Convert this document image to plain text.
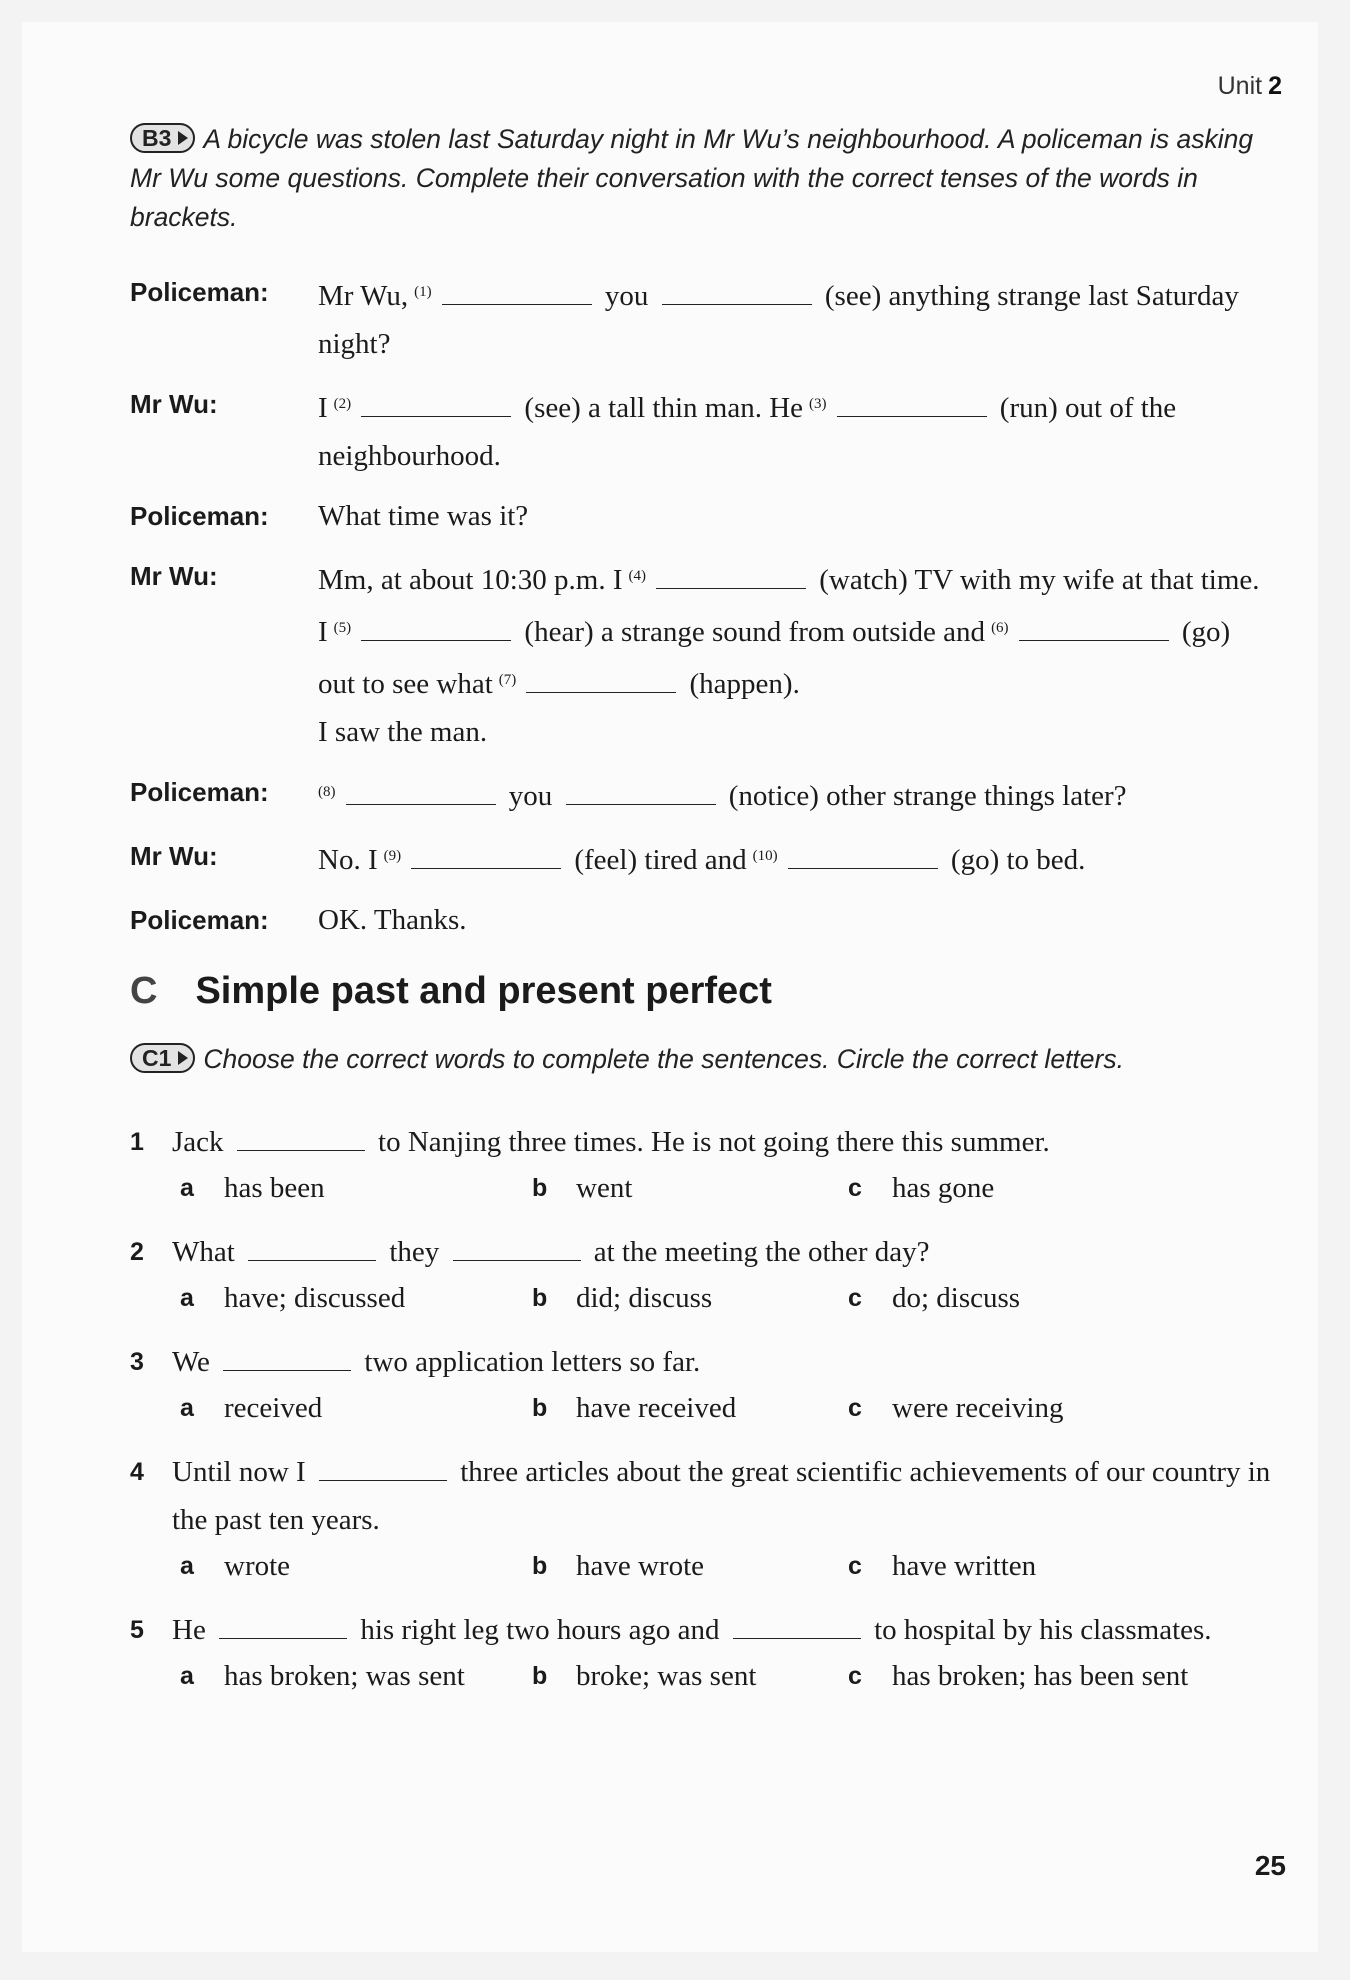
Unit 2
B3 A bicycle was stolen last Saturday night in Mr Wu’s neighbourhood. A policeman is asking Mr Wu some questions. Complete their conversation with the correct tenses of the words in brackets.
Policeman:	Mr Wu, $^{(1)}$	you	(see) anything strange last Saturday night?
Mr Wu:	I $^{(2)}$	(see) a tall thin man. He $^{(3)}$	(run) out of the neighbourhood.
Policeman:	What time was it?
Mr Wu:	Mm, at about 10:30 p.m. I $^{(4)}$	(watch) TV with my wife at that time. I $^{(5)}$	(hear) a strange sound from outside and $^{(6)}$	(go) out to see what $^{(7)}$	(happen).
I saw the man.
Policeman:	$^{(8)}$	you	(notice) other strange things later?
Mr Wu:	No. I $^{(9)}$	(feel) tired and $^{(10)}$	(go) to bed.
Policeman:	OK. Thanks.
C Simple past and present perfect
C1 Choose the correct words to complete the sentences. Circle the correct letters.
1 Jack	to Nanjing three times. He is not going there this summer.
a	has been	b went	c	has gone
2 What	they	at the meeting the other day?
a	have; discussed	b did; discuss	c	do; discuss
3 We	two application letters so far.
a	received	b have received	c	were receiving
4 Until now I	three articles about the great scientific achievements of our country in the past ten years.
a	wrote	b have wrote	c	have written
5 He	his right leg two hours ago and	to hospital by his classmates.
a	has broken; was sent	b broke; was sent	c	has broken; has been sent
25
